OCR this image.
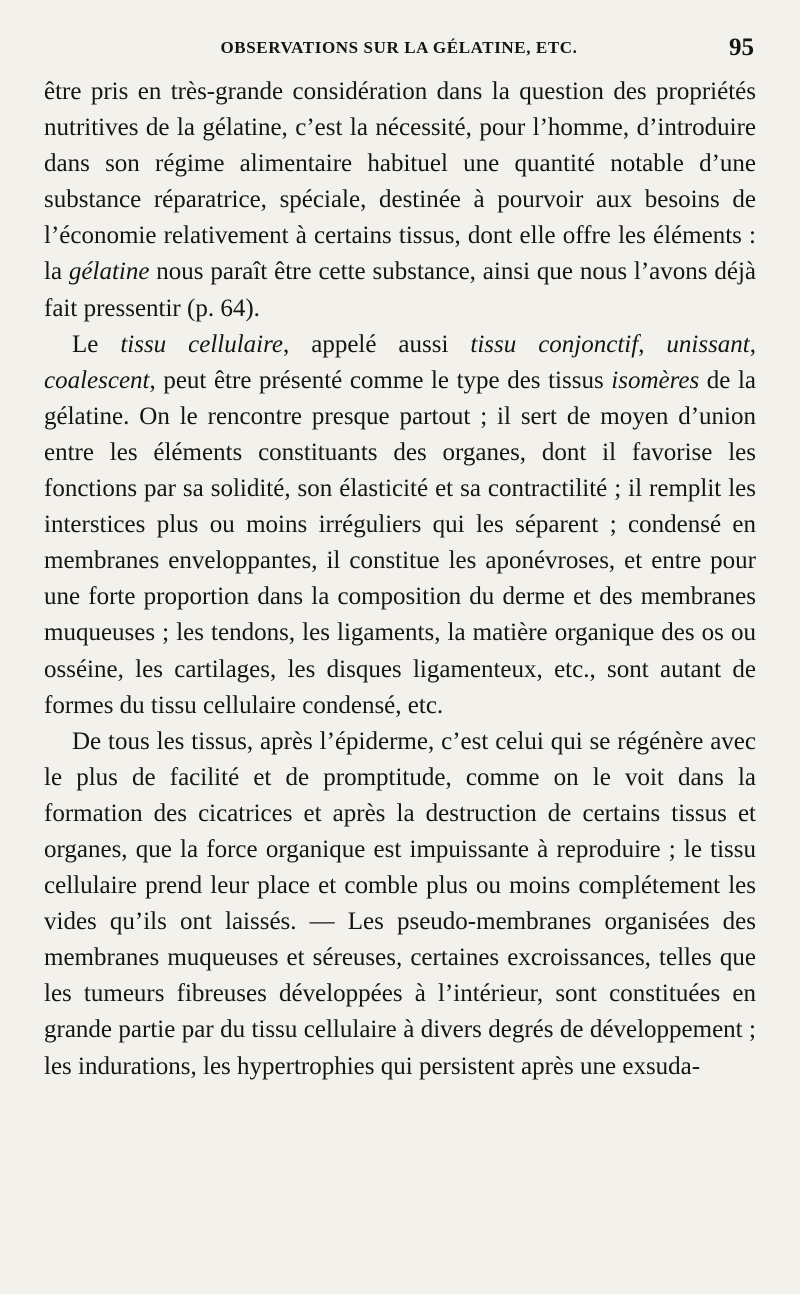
OBSERVATIONS SUR LA GÉLATINE, ETC.	95

être pris en très-grande considération dans la question des propriétés nutritives de la gélatine, c’est la nécessité, pour l’homme, d’introduire dans son régime alimentaire habituel une quantité notable d’une substance réparatrice, spéciale, destinée à pourvoir aux besoins de l’économie relativement à certains tissus, dont elle offre les éléments : la gélatine nous paraît être cette substance, ainsi que nous l’avons déjà fait pressentir (p. 64).

Le tissu cellulaire, appelé aussi tissu conjonctif, unissant, coalescent, peut être présenté comme le type des tissus isomères de la gélatine. On le rencontre presque partout ; il sert de moyen d’union entre les éléments constituants des organes, dont il favorise les fonctions par sa solidité, son élasticité et sa contractilité ; il remplit les interstices plus ou moins irréguliers qui les séparent ; condensé en membranes enveloppantes, il constitue les aponévroses, et entre pour une forte proportion dans la composition du derme et des membranes muqueuses ; les tendons, les ligaments, la matière organique des os ou osséine, les cartilages, les disques ligamenteux, etc., sont autant de formes du tissu cellulaire condensé, etc.

De tous les tissus, après l’épiderme, c’est celui qui se régénère avec le plus de facilité et de promptitude, comme on le voit dans la formation des cicatrices et après la destruction de certains tissus et organes, que la force organique est impuissante à reproduire ; le tissu cellulaire prend leur place et comble plus ou moins complétement les vides qu’ils ont laissés. — Les pseudo-membranes organisées des membranes muqueuses et séreuses, certaines excroissances, telles que les tumeurs fibreuses développées à l’intérieur, sont constituées en grande partie par du tissu cellulaire à divers degrés de développement ; les indurations, les hypertrophies qui persistent après une exsuda-
